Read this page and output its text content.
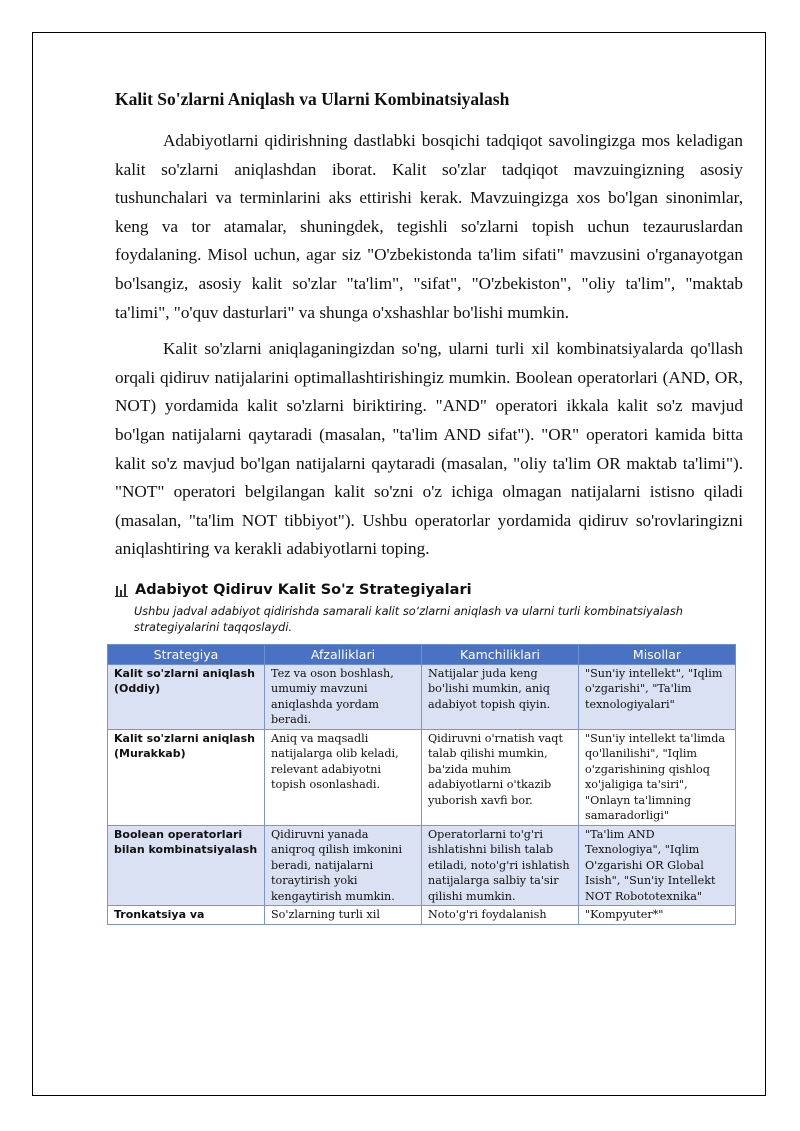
Kalit So'zlarni Aniqlash va Ularni Kombinatsiyalash

Adabiyotlarni qidirishning dastlabki bosqichi tadqiqot savolingizga mos keladigan kalit so'zlarni aniqlashdan iborat. Kalit so'zlar tadqiqot mavzuingizning asosiy tushunchalari va terminlarini aks ettirishi kerak. Mavzuingizga xos bo'lgan sinonimlar, keng va tor atamalar, shuningdek, tegishli so'zlarni topish uchun tezauruslardan foydalaning. Misol uchun, agar siz "O'zbekistonda ta'lim sifati" mavzusini o'rganayotgan bo'lsangiz, asosiy kalit so'zlar "ta'lim", "sifat", "O'zbekiston", "oliy ta'lim", "maktab ta'limi", "o'quv dasturlari" va shunga o'xshashlar bo'lishi mumkin.

Kalit so'zlarni aniqlaganingizdan so'ng, ularni turli xil kombinatsiyalarda qo'llash orqali qidiruv natijalarini optimallashtirishingiz mumkin. Boolean operatorlari (AND, OR, NOT) yordamida kalit so'zlarni biriktiring. "AND" operatori ikkala kalit so'z mavjud bo'lgan natijalarni qaytaradi (masalan, "ta'lim AND sifat"). "OR" operatori kamida bitta kalit so'z mavjud bo'lgan natijalarni qaytaradi (masalan, "oliy ta'lim OR maktab ta'limi"). "NOT" operatori belgilangan kalit so'zni o'z ichiga olmagan natijalarni istisno qiladi (masalan, "ta'lim NOT tibbiyot"). Ushbu operatorlar yordamida qidiruv so'rovlaringizni aniqlashtiring va kerakli adabiyotlarni toping.

Adabiyot Qidiruv Kalit So'z Strategiyalari
Ushbu jadval adabiyot qidirishda samarali kalit so‘zlarni aniqlash va ularni turli kombinatsiyalash strategiyalarini taqqoslaydi.
Strategiya	Afzalliklari	Kamchiliklari	Misollar
Kalit so'zlarni aniqlash (Oddiy)	Tez va oson boshlash, umumiy mavzuni aniqlashda yordam beradi.	Natijalar juda keng bo'lishi mumkin, aniq adabiyot topish qiyin.	"Sun'iy intellekt", "Iqlim o'zgarishi", "Ta'lim texnologiyalari"
Kalit so'zlarni aniqlash (Murakkab)	Aniq va maqsadli natijalarga olib keladi, relevant adabiyotni topish osonlashadi.	Qidiruvni o'rnatish vaqt talab qilishi mumkin, ba'zida muhim adabiyotlarni o'tkazib yuborish xavfi bor.	"Sun'iy intellekt ta'limda qo'llanilishi", "Iqlim o'zgarishining qishloq xo'jaligiga ta'siri", "Onlayn ta'limning samaradorligi"
Boolean operatorlari bilan kombinatsiyalash	Qidiruvni yanada aniqroq qilish imkonini beradi, natijalarni toraytirish yoki kengaytirish mumkin.	Operatorlarni to'g'ri ishlatishni bilish talab etiladi, noto'g'ri ishlatish natijalarga salbiy ta'sir qilishi mumkin.	"Ta'lim AND Texnologiya", "Iqlim O'zgarishi OR Global Isish", "Sun'iy Intellekt NOT Robototexnika"
Tronkatsiya va	So'zlarning turli xil	Noto'g'ri foydalanish	"Kompyuter*"
